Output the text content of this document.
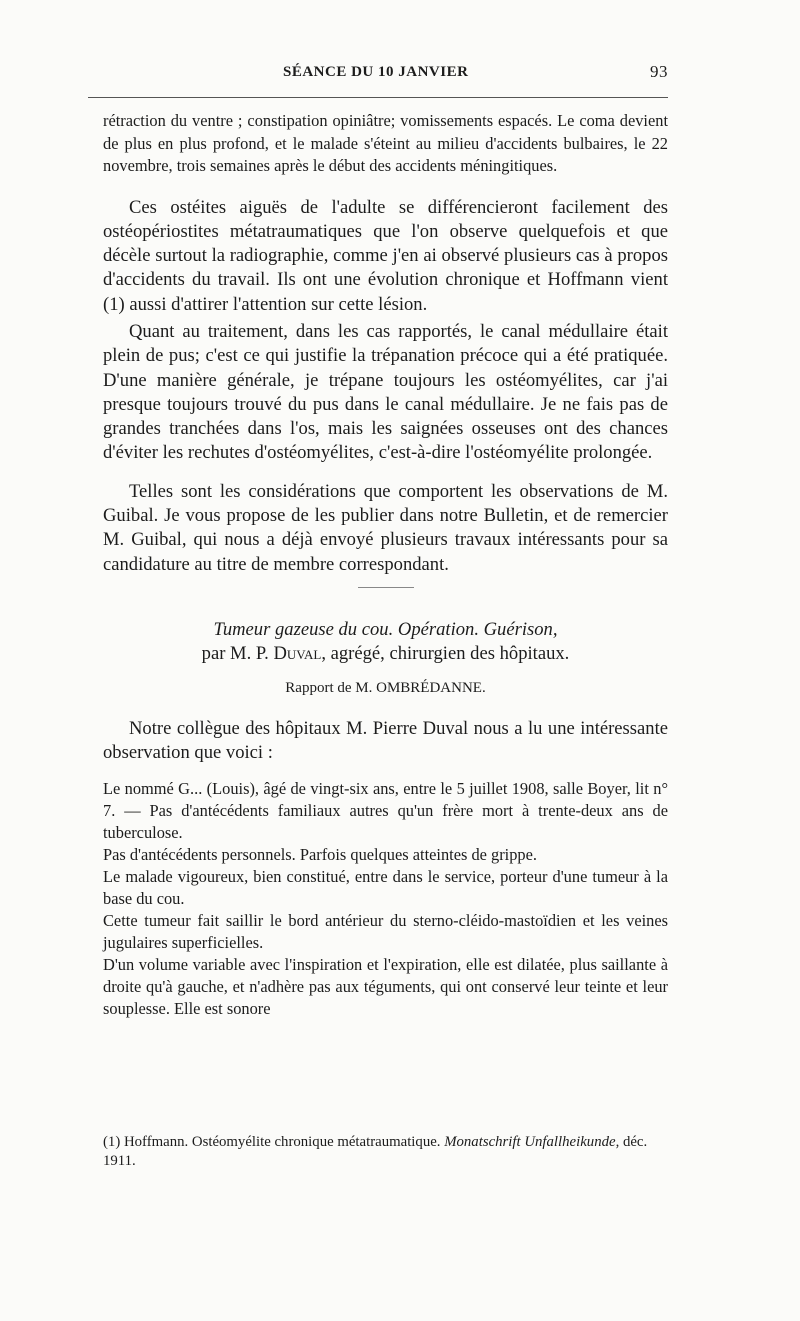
SÉANCE DU 10 JANVIER	93

rétraction du ventre ; constipation opiniâtre; vomissements espacés. Le coma devient de plus en plus profond, et le malade s'éteint au milieu d'accidents bulbaires, le 22 novembre, trois semaines après le début des accidents méningitiques.

Ces ostéites aiguës de l'adulte se différencieront facilement des ostéopériostites métatraumatiques que l'on observe quelquefois et que décèle surtout la radiographie, comme j'en ai observé plusieurs cas à propos d'accidents du travail. Ils ont une évolution chronique et Hoffmann vient (1) aussi d'attirer l'attention sur cette lésion.

Quant au traitement, dans les cas rapportés, le canal médullaire était plein de pus; c'est ce qui justifie la trépanation précoce qui a été pratiquée. D'une manière générale, je trépane toujours les ostéomyélites, car j'ai presque toujours trouvé du pus dans le canal médullaire. Je ne fais pas de grandes tranchées dans l'os, mais les saignées osseuses ont des chances d'éviter les rechutes d'ostéomyélites, c'est-à-dire l'ostéomyélite prolongée.

Telles sont les considérations que comportent les observations de M. Guibal. Je vous propose de les publier dans notre Bulletin, et de remercier M. Guibal, qui nous a déjà envoyé plusieurs travaux intéressants pour sa candidature au titre de membre correspondant.

Tumeur gazeuse du cou. Opération. Guérison,
par M. P. Duval, agrégé, chirurgien des hôpitaux.
Rapport de M. OMBRÉDANNE.

Notre collègue des hôpitaux M. Pierre Duval nous a lu une intéressante observation que voici :

Le nommé G... (Louis), âgé de vingt-six ans, entre le 5 juillet 1908, salle Boyer, lit n° 7. — Pas d'antécédents familiaux autres qu'un frère mort à trente-deux ans de tuberculose.

Pas d'antécédents personnels. Parfois quelques atteintes de grippe.

Le malade vigoureux, bien constitué, entre dans le service, porteur d'une tumeur à la base du cou.

Cette tumeur fait saillir le bord antérieur du sterno-cléido-mastoïdien et les veines jugulaires superficielles.

D'un volume variable avec l'inspiration et l'expiration, elle est dilatée, plus saillante à droite qu'à gauche, et n'adhère pas aux téguments, qui ont conservé leur teinte et leur souplesse. Elle est sonore

(1) Hoffmann. Ostéomyélite chronique métatraumatique. Monatschrift Unfallheikunde, déc. 1911.
